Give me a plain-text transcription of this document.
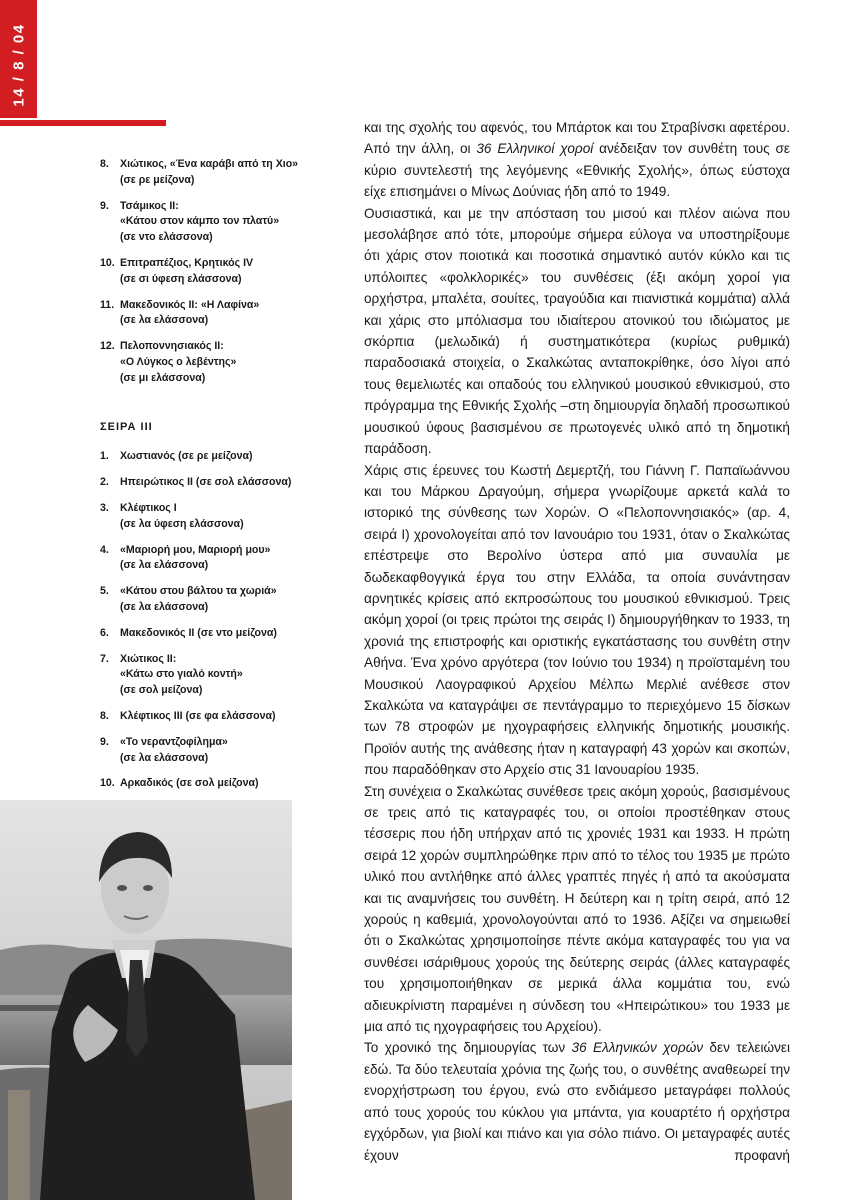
14 / 8 / 04
8.	Χιώτικος, «Ένα καράβι από τη Χιο»
(σε ρε μείζονα)
9.	Τσάμικος ΙΙ:
«Κάτου στον κάμπο τον πλατύ»
(σε ντο ελάσσονα)
10. Επιτραπέζιος, Κρητικός IV
(σε σι ύφεση ελάσσονα)
11. Μακεδονικός ΙΙ: «Η Λαφίνα»
(σε λα ελάσσονα)
12. Πελοποννησιακός ΙΙ:
«Ο Λύγκος ο λεβέντης»
(σε μι ελάσσονα)
ΣΕΙΡΑ ΙΙΙ
1.	Χωστιανός (σε ρε μείζονα)
2.	Ηπειρώτικος ΙΙ (σε σολ ελάσσονα)
3.	Κλέφτικος Ι
(σε λα ύφεση ελάσσονα)
4.	«Μαριορή μου, Μαριορή μου»
(σε λα ελάσσονα)
5.	«Κάτου στου βάλτου τα χωριά»
(σε λα ελάσσονα)
6.	Μακεδονικός ΙΙ (σε ντο μείζονα)
7.	Χιώτικος ΙΙ:
«Κάτω στο γιαλό κοντή»
(σε σολ μείζονα)
8.	Κλέφτικος ΙΙΙ (σε φα ελάσσονα)
9.	«Το νεραντζοφίλημα»
(σε λα ελάσσονα)
10. Αρκαδικός (σε σολ μείζονα)

και της σχολής του αφενός, του Μπάρτοκ και του Στραβίνσκι αφετέρου. Από την άλλη, οι 36 Ελληνικοί χοροί ανέδειξαν τον συνθέτη τους σε κύριο συντελεστή της λεγόμενης «Εθνικής Σχολής», όπως εύστοχα είχε επισημάνει ο Μίνως Δούνιας ήδη από το 1949.

Ουσιαστικά, και με την απόσταση του μισού και πλέον αιώνα που μεσολάβησε από τότε, μπορούμε σήμερα εύλογα να υποστηρίξουμε ότι χάρις στον ποιοτικά και ποσοτικά σημαντικό αυτόν κύκλο και τις υπόλοιπες «φολκλορικές» του συνθέσεις (έξι ακόμη χοροί για ορχήστρα, μπαλέτα, σουίτες, τραγούδια και πιανιστικά κομμάτια) αλλά και χάρις στο μπόλιασμα του ιδιαίτερου ατονικού του ιδιώματος με σκόρπια (μελωδικά) ή συστηματικότερα (κυρίως ρυθμικά) παραδοσιακά στοιχεία, ο Σκαλκώτας ανταποκρίθηκε, όσο λίγοι από τους θεμελιωτές και οπαδούς του ελληνικού μουσικού εθνικισμού, στο πρόγραμμα της Εθνικής Σχολής –στη δημιουργία δηλαδή προσωπικού μουσικού ύφους βασισμένου σε πρωτογενές υλικό από τη δημοτική παράδοση.

Χάρις στις έρευνες του Κωστή Δεμερτζή, του Γιάννη Γ. Παπαϊωάννου και του Μάρκου Δραγούμη, σήμερα γνωρίζουμε αρκετά καλά το ιστορικό της σύνθεσης των Χορών. Ο «Πελοποννησιακός» (αρ. 4, σειρά Ι) χρονολογείται από τον Ιανουάριο του 1931, όταν ο Σκαλκώτας επέστρεψε στο Βερολίνο ύστερα από μια συναυλία με δωδεκαφθογγικά έργα του στην Ελλάδα, τα οποία συνάντησαν αρνητικές κρίσεις από εκπροσώπους του μουσικού εθνικισμού. Τρεις ακόμη χοροί (οι τρεις πρώτοι της σειράς Ι) δημιουργήθηκαν το 1933, τη χρονιά της επιστροφής και οριστικής εγκατάστασης του συνθέτη στην Αθήνα. Ένα χρόνο αργότερα (τον Ιούνιο του 1934) η προϊσταμένη του Μουσικού Λαογραφικού Αρχείου Μέλπω Μερλιέ ανέθεσε στον Σκαλκώτα να καταγράψει σε πεντάγραμμο το περιεχόμενο 15 δίσκων των 78 στροφών με ηχογραφήσεις ελληνικής δημοτικής μουσικής. Προϊόν αυτής της ανάθεσης ήταν η καταγραφή 43 χορών και σκοπών, που παραδόθηκαν στο Αρχείο στις 31 Ιανουαρίου 1935.

Στη συνέχεια ο Σκαλκώτας συνέθεσε τρεις ακόμη χορούς, βασισμένους σε τρεις από τις καταγραφές του, οι οποίοι προστέθηκαν στους τέσσερις που ήδη υπήρχαν από τις χρονιές 1931 και 1933. Η πρώτη σειρά 12 χορών συμπληρώθηκε πριν από το τέλος του 1935 με πρώτο υλικό που αντλήθηκε από άλλες γραπτές πηγές ή από τα ακούσματα και τις αναμνήσεις του συνθέτη. Η δεύτερη και η τρίτη σειρά, από 12 χορούς η καθεμιά, χρονολογούνται από το 1936. Αξίζει να σημειωθεί ότι ο Σκαλκώτας χρησιμοποίησε πέντε ακόμα καταγραφές του για να συνθέσει ισάριθμους χορούς της δεύτερης σειράς (άλλες καταγραφές του χρησιμοποιήθηκαν σε μερικά άλλα κομμάτια του, ενώ αδιευκρίνιστη παραμένει η σύνδεση του «Ηπειρώτικου» του 1933 με μια από τις ηχογραφήσεις του Αρχείου).

Το χρονικό της δημιουργίας των 36 Ελληνικών χορών δεν τελειώνει εδώ. Τα δύο τελευταία χρόνια της ζωής του, ο συνθέτης αναθεωρεί την ενορχήστρωση του έργου, ενώ στο ενδιάμεσο μεταγράφει πολλούς από τους χορούς του κύκλου για μπάντα, για κουαρτέτο ή ορχήστρα εγχόρδων, για βιολί και πιάνο και για σόλο πιάνο. Οι μεταγραφές αυτές έχουν προφανή
